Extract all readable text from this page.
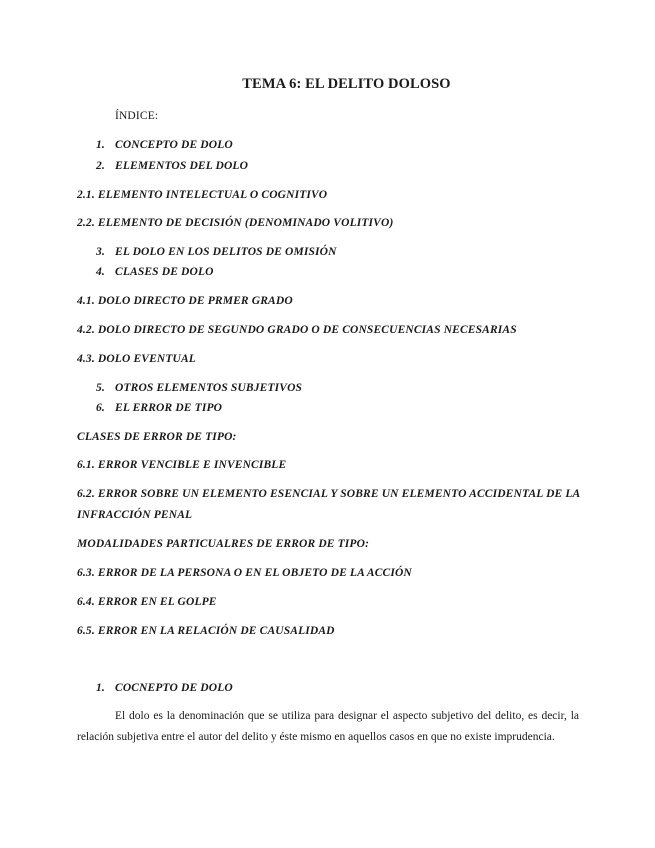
TEMA 6: EL DELITO DOLOSO
ÍNDICE:
1. CONCEPTO DE DOLO
2. ELEMENTOS DEL DOLO
2.1. ELEMENTO INTELECTUAL O COGNITIVO
2.2. ELEMENTO DE DECISIÓN (DENOMINADO VOLITIVO)
3. EL DOLO EN LOS DELITOS DE OMISIÓN
4. CLASES DE DOLO
4.1. DOLO DIRECTO DE PRMER GRADO
4.2. DOLO DIRECTO DE SEGUNDO GRADO O DE CONSECUENCIAS NECESARIAS
4.3. DOLO EVENTUAL
5. OTROS ELEMENTOS SUBJETIVOS
6. EL ERROR DE TIPO
CLASES DE ERROR DE TIPO:
6.1. ERROR VENCIBLE E INVENCIBLE
6.2. ERROR SOBRE UN ELEMENTO ESENCIAL Y SOBRE UN ELEMENTO ACCIDENTAL DE LA
INFRACCIÓN PENAL
MODALIDADES PARTICUALRES DE ERROR DE TIPO:
6.3. ERROR DE LA PERSONA O EN EL OBJETO DE LA ACCIÓN
6.4. ERROR EN EL GOLPE
6.5. ERROR EN LA RELACIÓN DE CAUSALIDAD
1. COCNEPTO DE DOLO
El dolo es la denominación que se utiliza para designar el aspecto subjetivo del delito, es decir, la relación subjetiva entre el autor del delito y éste mismo en aquellos casos en que no existe imprudencia.
